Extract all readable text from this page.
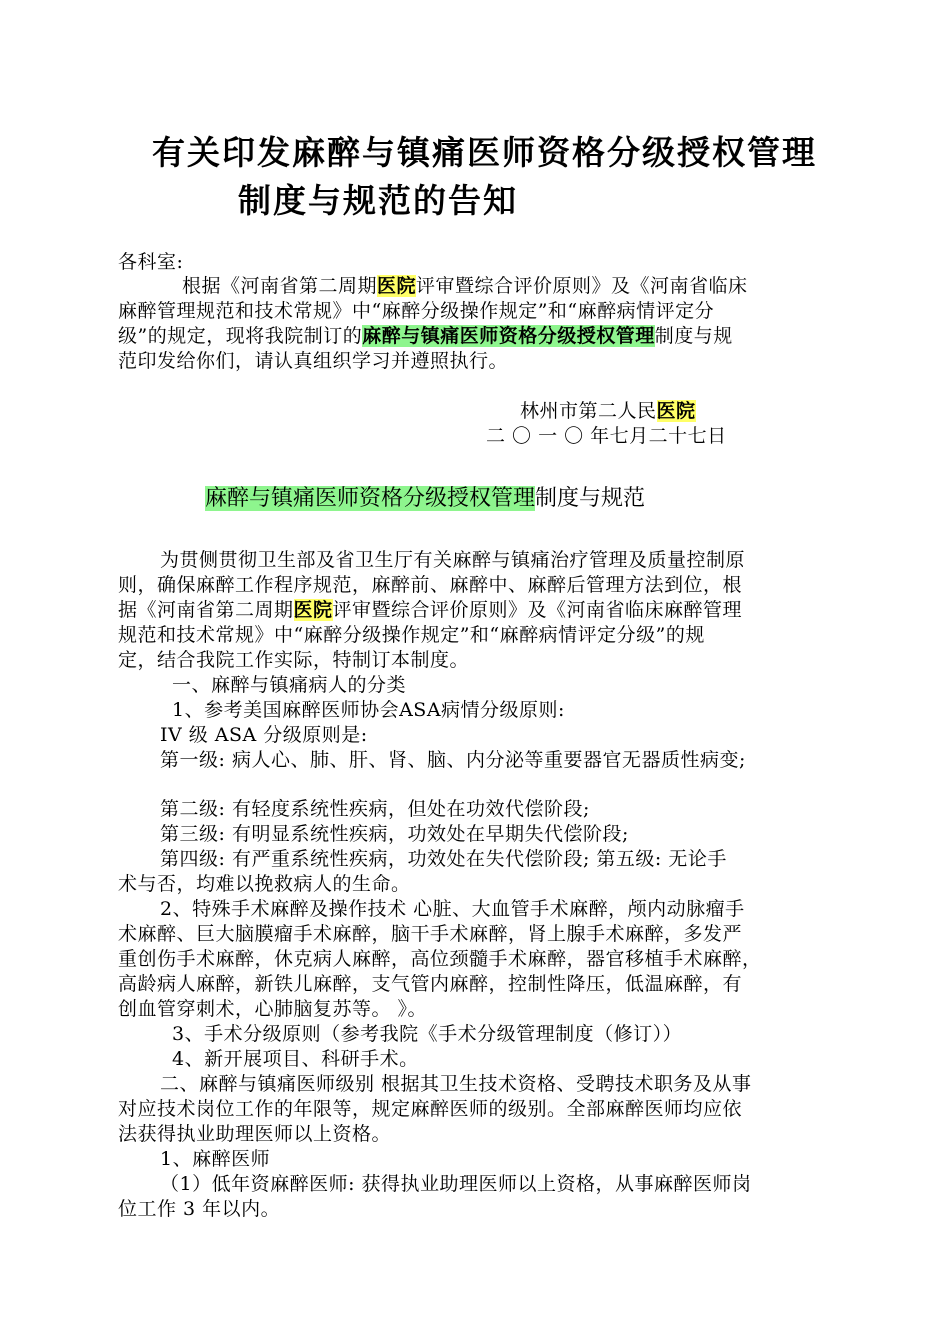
有关印发麻醉与镇痛医师资格分级授权管理
制度与规范的告知
各科室:
根据《河南省第二周期医院评审暨综合评价原则》及《河南省临床
麻醉管理规范和技术常规》中“麻醉分级操作规定”和“麻醉病情评定分
级”的规定，现将我院制订的麻醉与镇痛医师资格分级授权管理制度与规
范印发给你们，请认真组织学习并遵照执行。
林州市第二人民医院
二 〇 一 〇 年七月二十七日
麻醉与镇痛医师资格分级授权管理制度与规范
为贯侧贯彻卫生部及省卫生厅有关麻醉与镇痛治疗管理及质量控制原
则，确保麻醉工作程序规范，麻醉前、麻醉中、麻醉后管理方法到位，根
据《河南省第二周期医院评审暨综合评价原则》及《河南省临床麻醉管理
规范和技术常规》中“麻醉分级操作规定”和“麻醉病情评定分级”的规
定，结合我院工作实际，特制订本制度。
一、麻醉与镇痛病人的分类
1、参考美国麻醉医师协会ASA病情分级原则:
IV 级 ASA 分级原则是:
第一级: 病人心、肺、肝、肾、脑、内分泌等重要器官无器质性病变;
第二级: 有轻度系统性疾病，但处在功效代偿阶段;
第三级: 有明显系统性疾病，功效处在早期失代偿阶段;
第四级: 有严重系统性疾病，功效处在失代偿阶段; 第五级: 无论手
术与否，均难以挽救病人的生命。
2、特殊手术麻醉及操作技术 心脏、大血管手术麻醉，颅内动脉瘤手
术麻醉、巨大脑膜瘤手术麻醉，脑干手术麻醉，肾上腺手术麻醉，多发严
重创伤手术麻醉，休克病人麻醉，高位颈髓手术麻醉，器官移植手术麻醉，
高龄病人麻醉，新铁儿麻醉，支气管内麻醉，控制性降压，低温麻醉，有
创血管穿刺术，心肺脑复苏等。 》。
3、手术分级原则（参考我院《手术分级管理制度（修订））
4、新开展项目、科研手术。
二、麻醉与镇痛医师级别 根据其卫生技术资格、受聘技术职务及从事
对应技术岗位工作的年限等，规定麻醉医师的级别。全部麻醉医师均应依
法获得执业助理医师以上资格。
1、麻醉医师
（1）低年资麻醉医师: 获得执业助理医师以上资格，从事麻醉医师岗
位工作 3 年以内。
